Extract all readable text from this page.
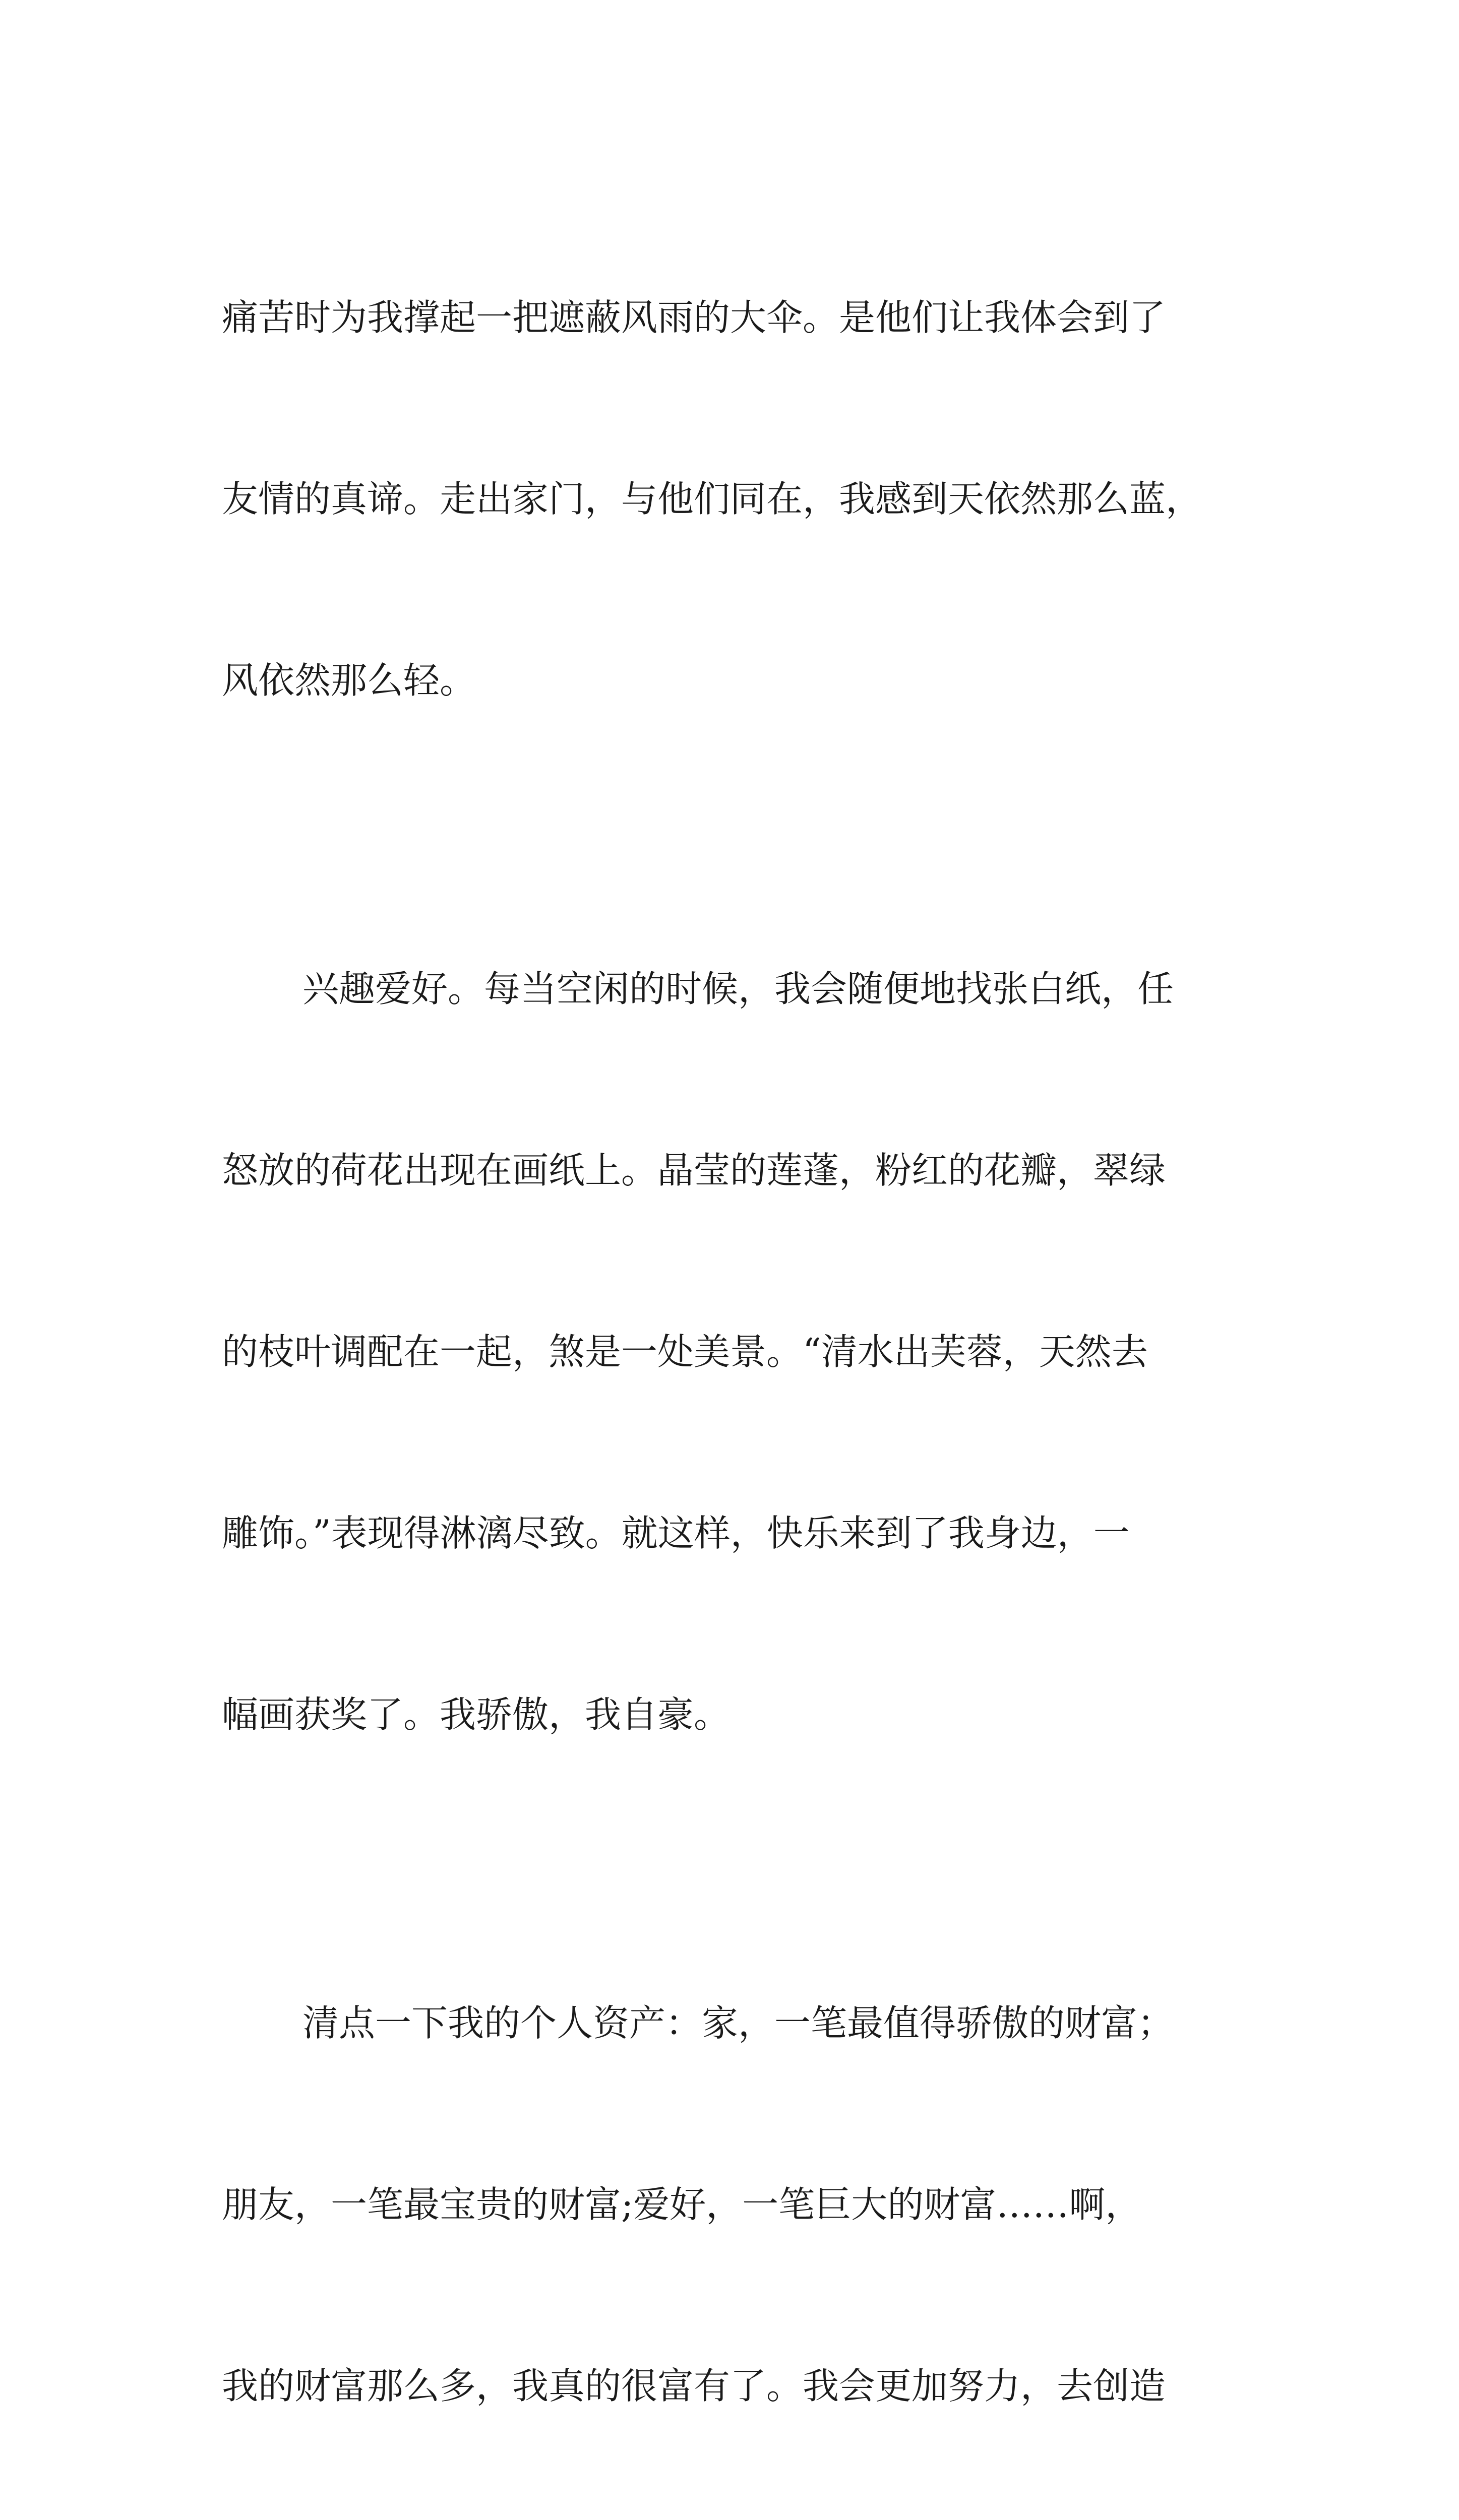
痛苦时为我撑起一把遮蔽风雨的大伞。是他们让我体会到了

友情的真谛。走出家门，与他们同在，我感到天依然那么蓝，

风依然那么轻。

兴趣爱好。每当空闲的时候，我会随便地找张白纸，任

怒放的荷花出现在画纸上。晶莹的莲蓬，粉红的花瓣，翠绿

的枝叶调配在一起，煞是一处美景。“清水出芙蓉，天然去

雕饰。”表现得淋漓尽致。就这样，快乐来到了我身边，一

幅画获奖了。我骄傲，我自豪。

清点一下我的个人资产：家，一笔最值得骄傲的财富；

朋友，一笔最宝贵的财富;爱好，一笔巨大的财富……啊，

我的财富那么多，我真的很富有了。我会更加努力，去创造
